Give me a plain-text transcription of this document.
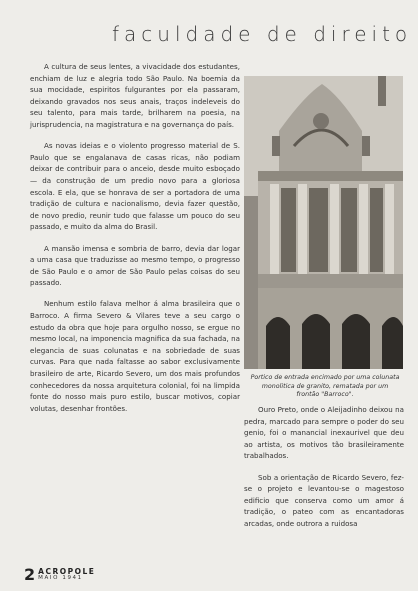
faculdade de direito

A cultura de seus lentes, a vivacidade dos estudantes, enchiam de luz e alegria todo São Paulo. Na boemia da sua mocidade, espiritos fulgurantes por ela passaram, deixando gravados nos seus anais, traços indeleveis do seu talento, para mais tarde, brilharem na poesia, na jurisprudencia, na magistratura e na governança do país.

As novas ideias e o violento progresso material de S. Paulo que se engalanava de casas ricas, não podiam deixar de contribuir para o anceio, desde muito esboçado — da construção de um predio novo para a gloriosa escola. E ela, que se honrava de ser a portadora de uma tradição de cultura e nacionalismo, devia fazer questão, de novo predio, reunir tudo que falasse um pouco do seu passado, e muito da alma do Brasil.

A mansão imensa e sombria de barro, devia dar logar a uma casa que traduzisse ao mesmo tempo, o progresso de São Paulo e o amor de São Paulo pelas coisas do seu passado.

Nenhum estilo falava melhor á alma brasileira que o Barroco. A firma Severo & Vilares teve a seu cargo o estudo da obra que hoje para orgulho nosso, se ergue no mesmo local, na imponencia magnifica da sua fachada, na elegancia de suas colunatas e na sobriedade de suas curvas. Para que nada faltasse ao sabor exclusivamente brasileiro de arte, Ricardo Severo, um dos mais profundos conhecedores da nossa arquitetura colonial, foi na limpida fonte do nosso mais puro estilo, buscar motivos, copiar volutas, desenhar frontões.

Portico de entrada encimado por uma colunata monolitica de granito, rematada por um frontão "Barroco".

Ouro Preto, onde o Aleijadinho deixou na pedra, marcado para sempre o poder do seu genio, foi o manancial inexaurivel que deu ao artista, os motivos tão brasileiramente trabalhados.

Sob a orientação de Ricardo Severo, fez-se o projeto e levantou-se o magestoso edificio que conserva como um amor á tradição, o pateo com as encantadoras arcadas, onde outrora a ruidosa

2 ACROPOLE
MAIO 1941
